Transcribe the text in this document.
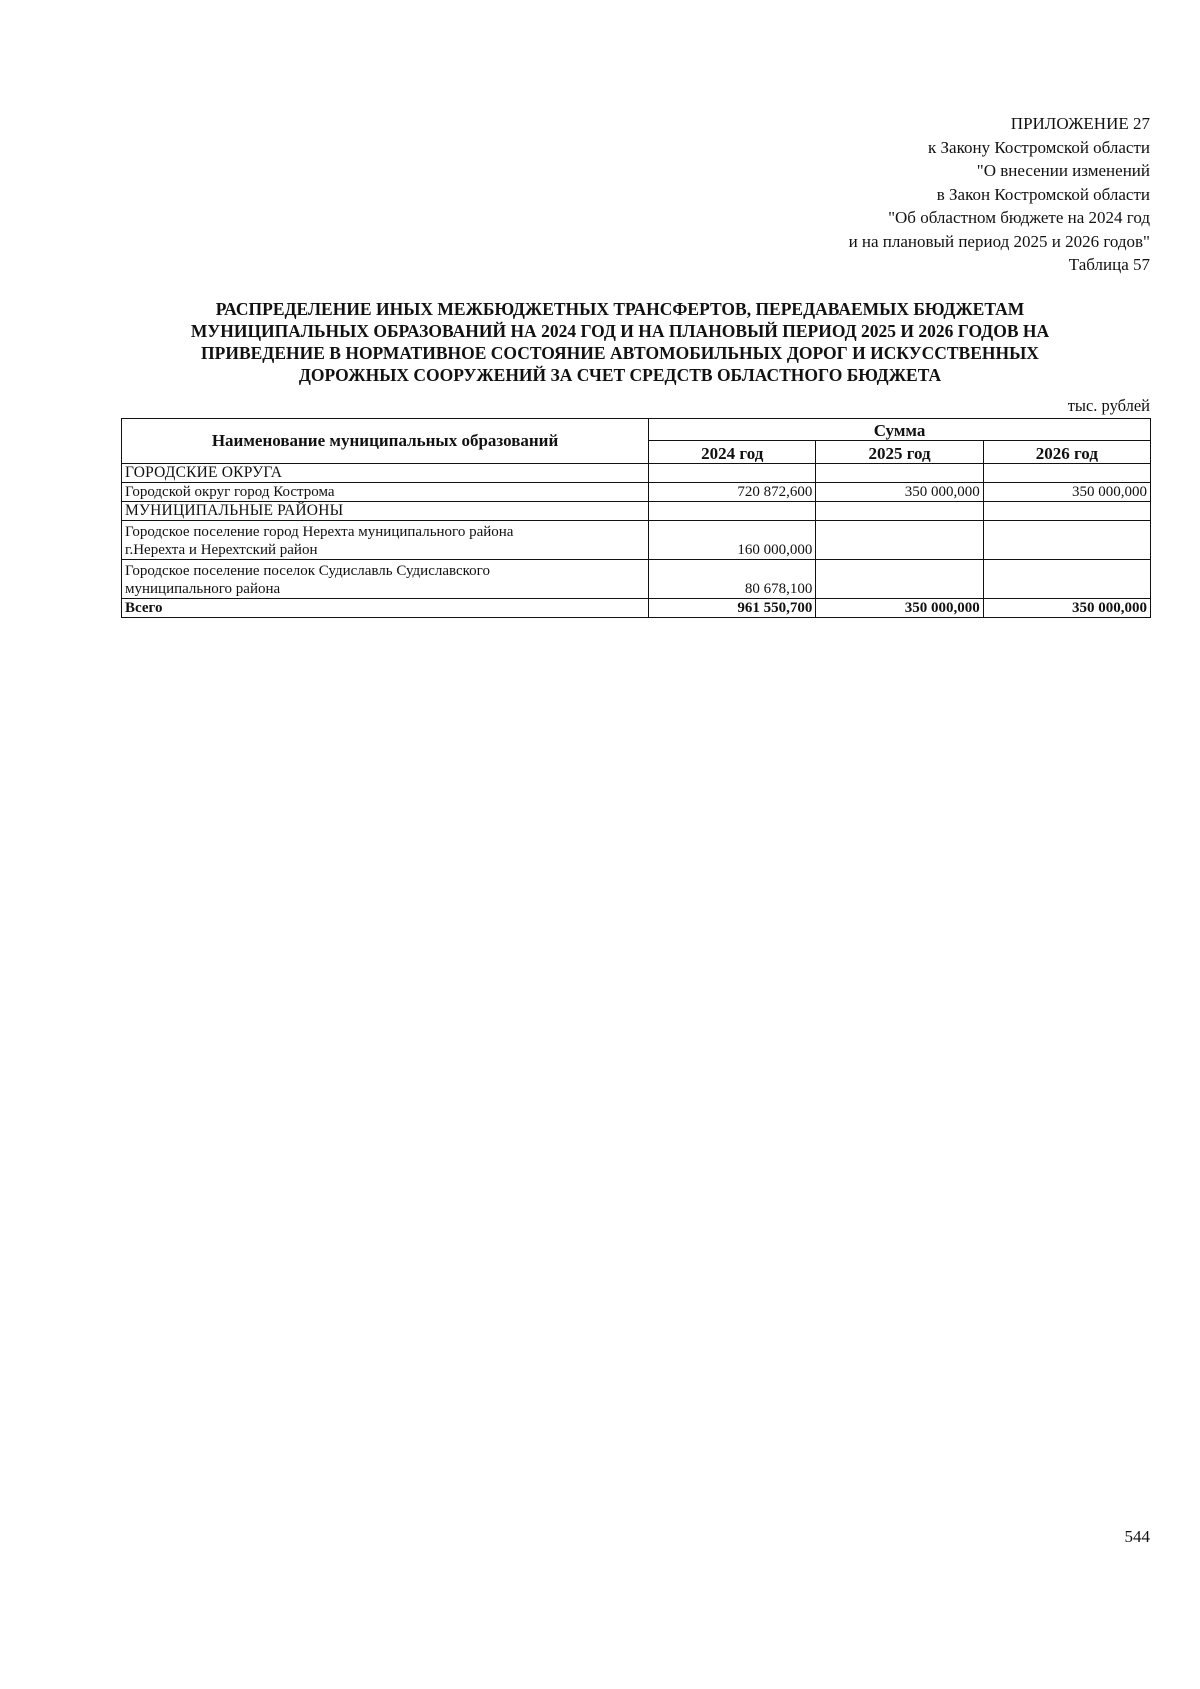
ПРИЛОЖЕНИЕ 27
к Закону Костромской области
"О внесении изменений
в Закон Костромской области
"Об областном бюджете на 2024 год
и на плановый период 2025 и 2026 годов"
Таблица 57
РАСПРЕДЕЛЕНИЕ ИНЫХ МЕЖБЮДЖЕТНЫХ ТРАНСФЕРТОВ, ПЕРЕДАВАЕМЫХ БЮДЖЕТАМ
МУНИЦИПАЛЬНЫХ ОБРАЗОВАНИЙ НА 2024 ГОД И НА ПЛАНОВЫЙ ПЕРИОД 2025 И 2026 ГОДОВ НА
ПРИВЕДЕНИЕ В НОРМАТИВНОЕ СОСТОЯНИЕ АВТОМОБИЛЬНЫХ ДОРОГ И ИСКУССТВЕННЫХ
ДОРОЖНЫХ СООРУЖЕНИЙ ЗА СЧЕТ СРЕДСТВ ОБЛАСТНОГО БЮДЖЕТА
тыс. рублей
Наименование муниципальных образований	Сумма		
	2024 год	2025 год	2026 год
ГОРОДСКИЕ ОКРУГА			
Городской округ город Кострома	720 872,600	350 000,000	350 000,000
МУНИЦИПАЛЬНЫЕ РАЙОНЫ			

Городское поселение город Нерехта муниципального района
г.Нерехта и Нерехтский район	160 000,000		

Городское поселение поселок Судиславль Судиславского
муниципального района	80 678,100		
Всего	961 550,700	350 000,000	350 000,000
544
